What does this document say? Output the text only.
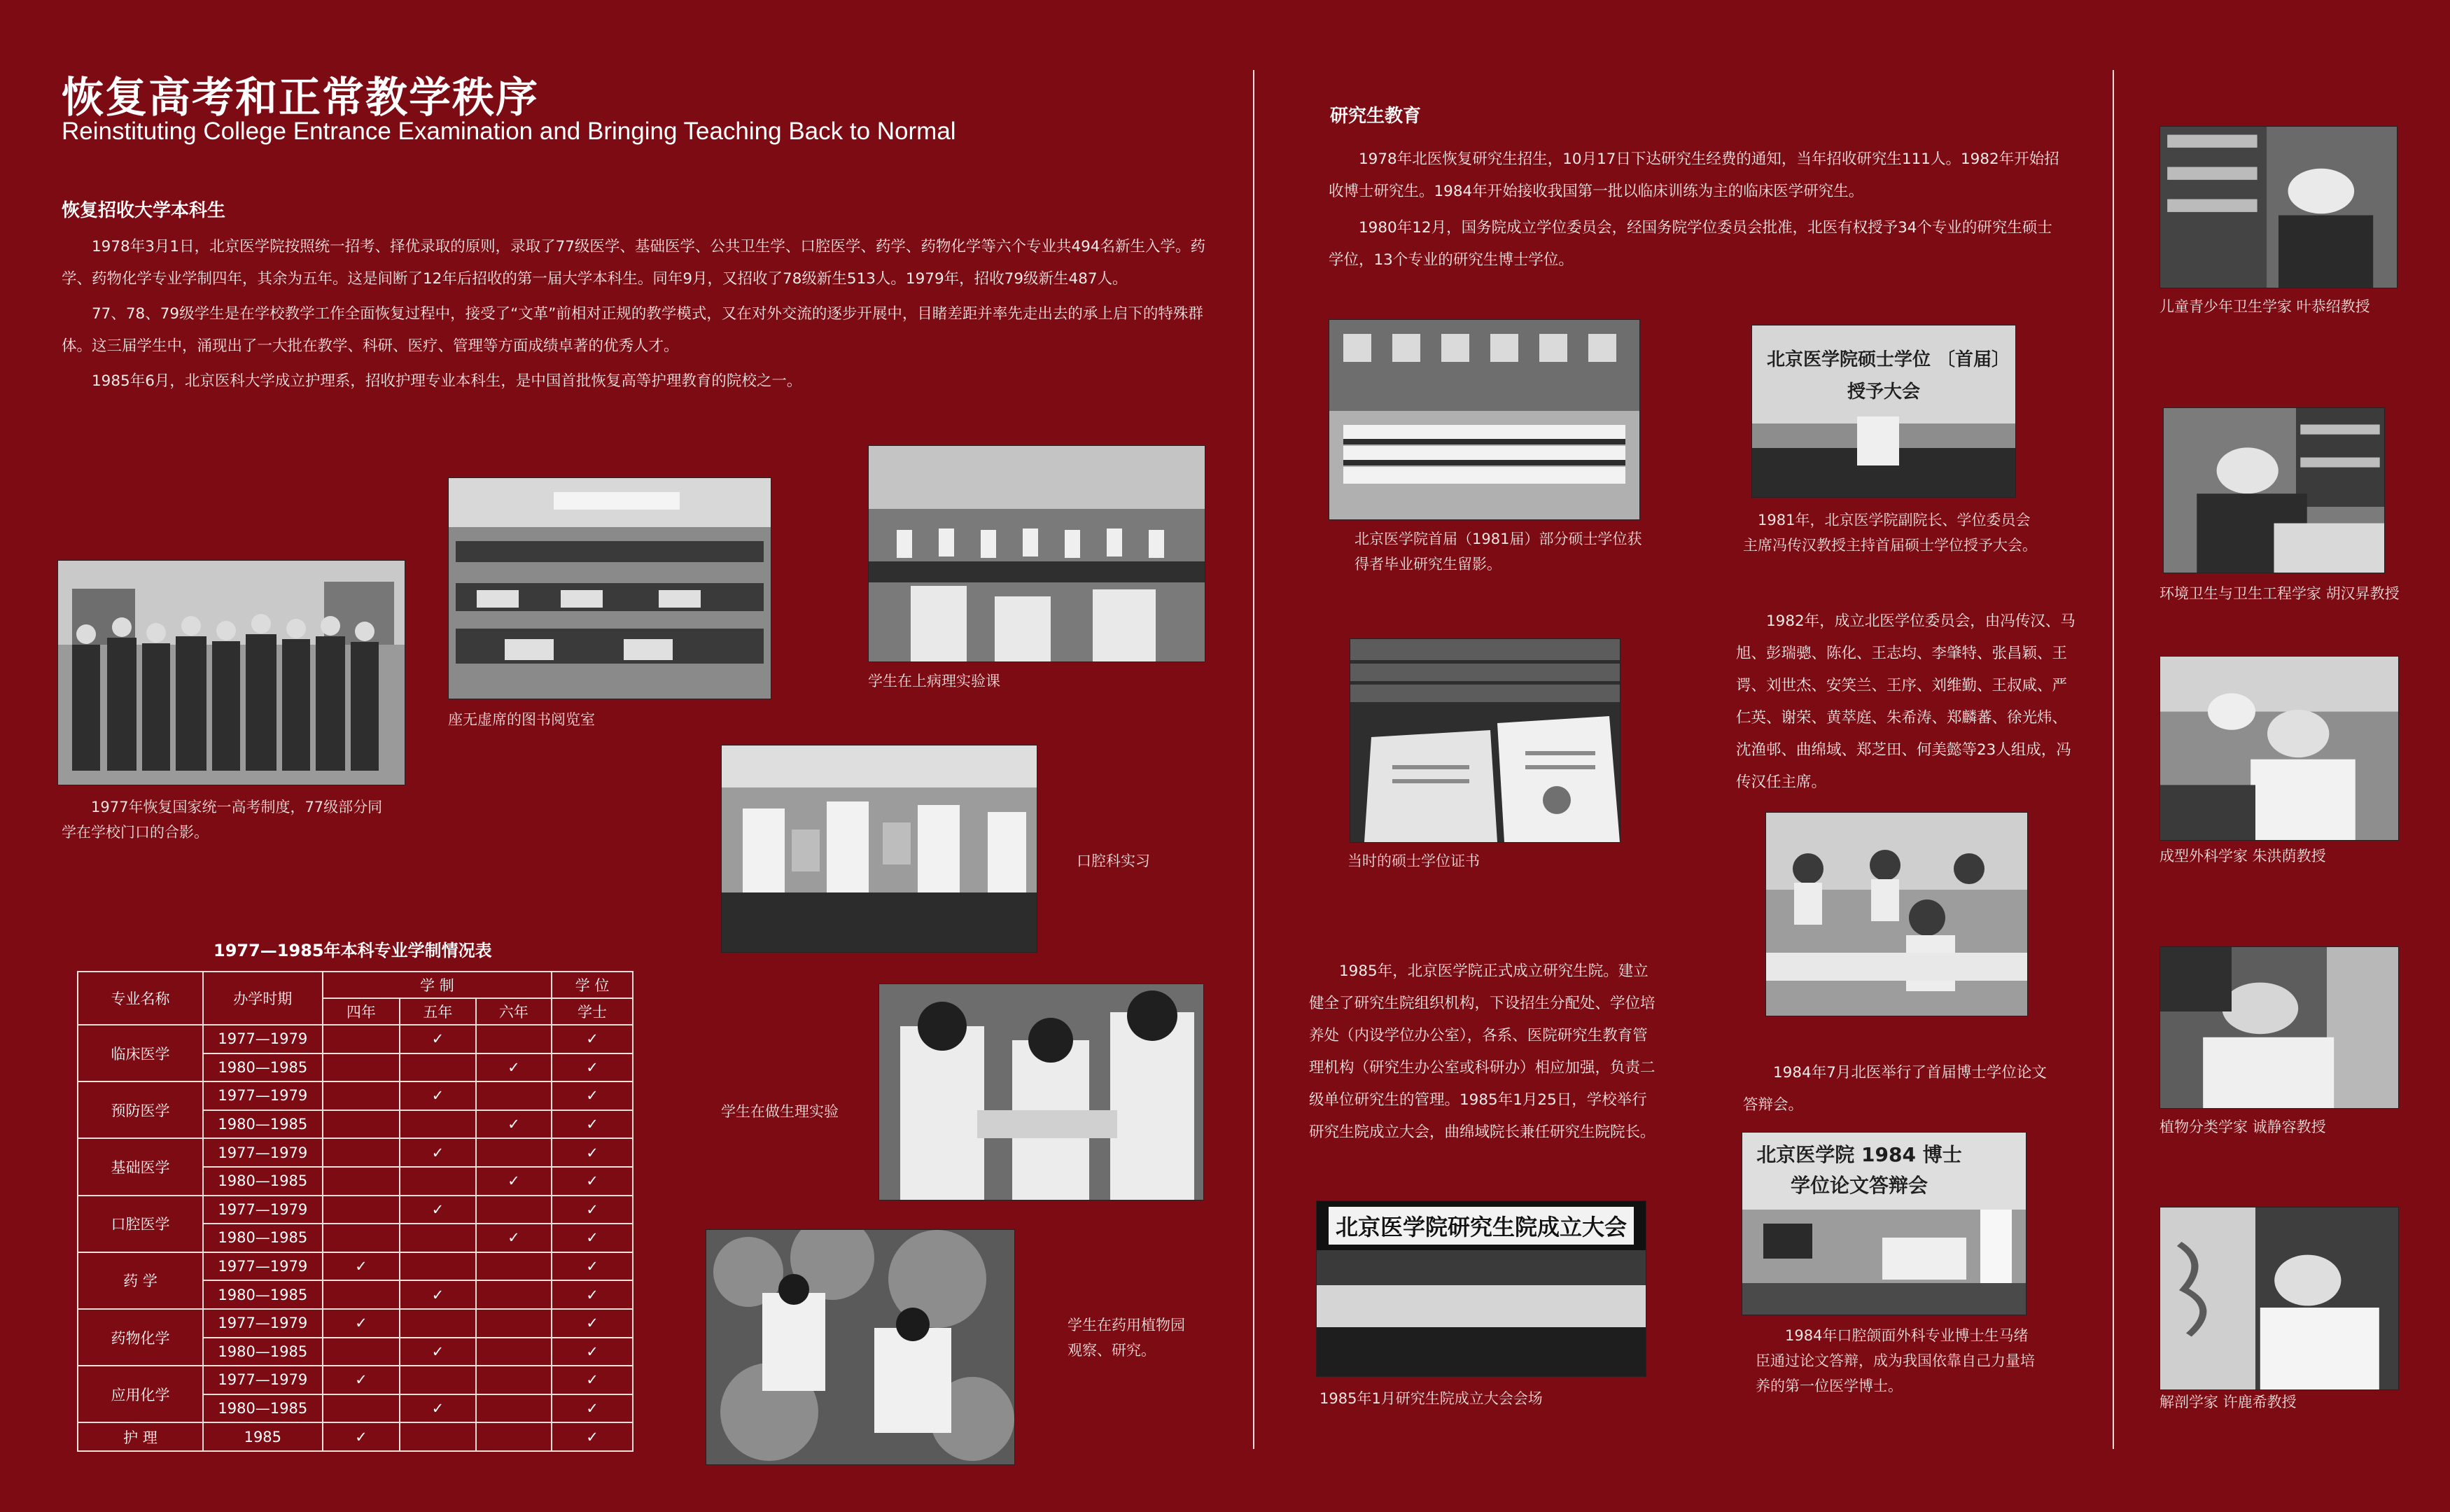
恢复高考和正常教学秩序
Reinstituting College Entrance Examination and Bringing Teaching Back to Normal
恢复招收大学本科生

1978年3月1日，北京医学院按照统一招考、择优录取的原则，录取了77级医学、基础医学、公共卫生学、口腔医学、药学、药物化学等六个专业共494名新生入学。药学、药物化学专业学制四年，其余为五年。这是间断了12年后招收的第一届大学本科生。同年9月，又招收了78级新生513人。1979年，招收79级新生487人。

77、78、79级学生是在学校教学工作全面恢复过程中，接受了“文革”前相对正规的教学模式，又在对外交流的逐步开展中，目睹差距并率先走出去的承上启下的特殊群体。这三届学生中，涌现出了一大批在教学、科研、医疗、管理等方面成绩卓著的优秀人才。

1985年6月，北京医科大学成立护理系，招收护理专业本科生，是中国首批恢复高等护理教育的院校之一。

1977年恢复国家统一高考制度，77级部分同学在学校门口的合影。
座无虚席的图书阅览室
学生在上病理实验课
口腔科实习
学生在做生理实验
学生在药用植物园观察、研究。
1977—1985年本科专业学制情况表
专业名称	办学时期	学 制			学 位
		四年	五年	六年	学士
临床医学	1977—1979		✓		✓
	1980—1985			✓	✓
预防医学	1977—1979		✓		✓
	1980—1985			✓	✓
基础医学	1977—1979		✓		✓
	1980—1985			✓	✓
口腔医学	1977—1979		✓		✓
	1980—1985			✓	✓
药 学	1977—1979	✓			✓
	1980—1985		✓		✓
药物化学	1977—1979	✓			✓
	1980—1985		✓		✓
应用化学	1977—1979	✓			✓
	1980—1985		✓		✓
护 理	1985	✓			✓
研究生教育

1978年北医恢复研究生招生，10月17日下达研究生经费的通知，当年招收研究生111人。1982年开始招收博士研究生。1984年开始接收我国第一批以临床训练为主的临床医学研究生。

1980年12月，国务院成立学位委员会，经国务院学位委员会批准，北医有权授予34个专业的研究生硕士学位，13个专业的研究生博士学位。

北京医学院首届（1981届）部分硕士学位获得者毕业研究生留影。
北京医学院硕士学位 〔首届〕授予大会
1981年，北京医学院副院长、学位委员会主席冯传汉教授主持首届硕士学位授予大会。
当时的硕士学位证书

1982年，成立北医学位委员会，由冯传汉、马旭、彭瑞骢、陈化、王志均、李肇特、张昌颖、王谔、刘世杰、安笑兰、王序、刘维勤、王叔咸、严仁英、谢荣、黄萃庭、朱希涛、郑麟蕃、徐光炜、沈渔邨、曲绵域、郑芝田、何美懿等23人组成，冯传汉任主席。

1985年，北京医学院正式成立研究生院。建立健全了研究生院组织机构，下设招生分配处、学位培养处（内设学位办公室），各系、医院研究生教育管理机构（研究生办公室或科研办）相应加强，负责二级单位研究生的管理。1985年1月25日，学校举行研究生院成立大会，曲绵域院长兼任研究生院院长。

1984年7月北医举行了首届博士学位论文答辩会。

北京医学院研究生院成立大会
1985年1月研究生院成立大会会场
北京医学院 1984 博士学位论文答辩会
1984年口腔颌面外科专业博士生马绪臣通过论文答辩，成为我国依靠自己力量培养的第一位医学博士。
儿童青少年卫生学家 叶恭绍教授
环境卫生与卫生工程学家 胡汉昇教授
成型外科学家 朱洪荫教授
植物分类学家 诚静容教授
解剖学家 许鹿希教授
